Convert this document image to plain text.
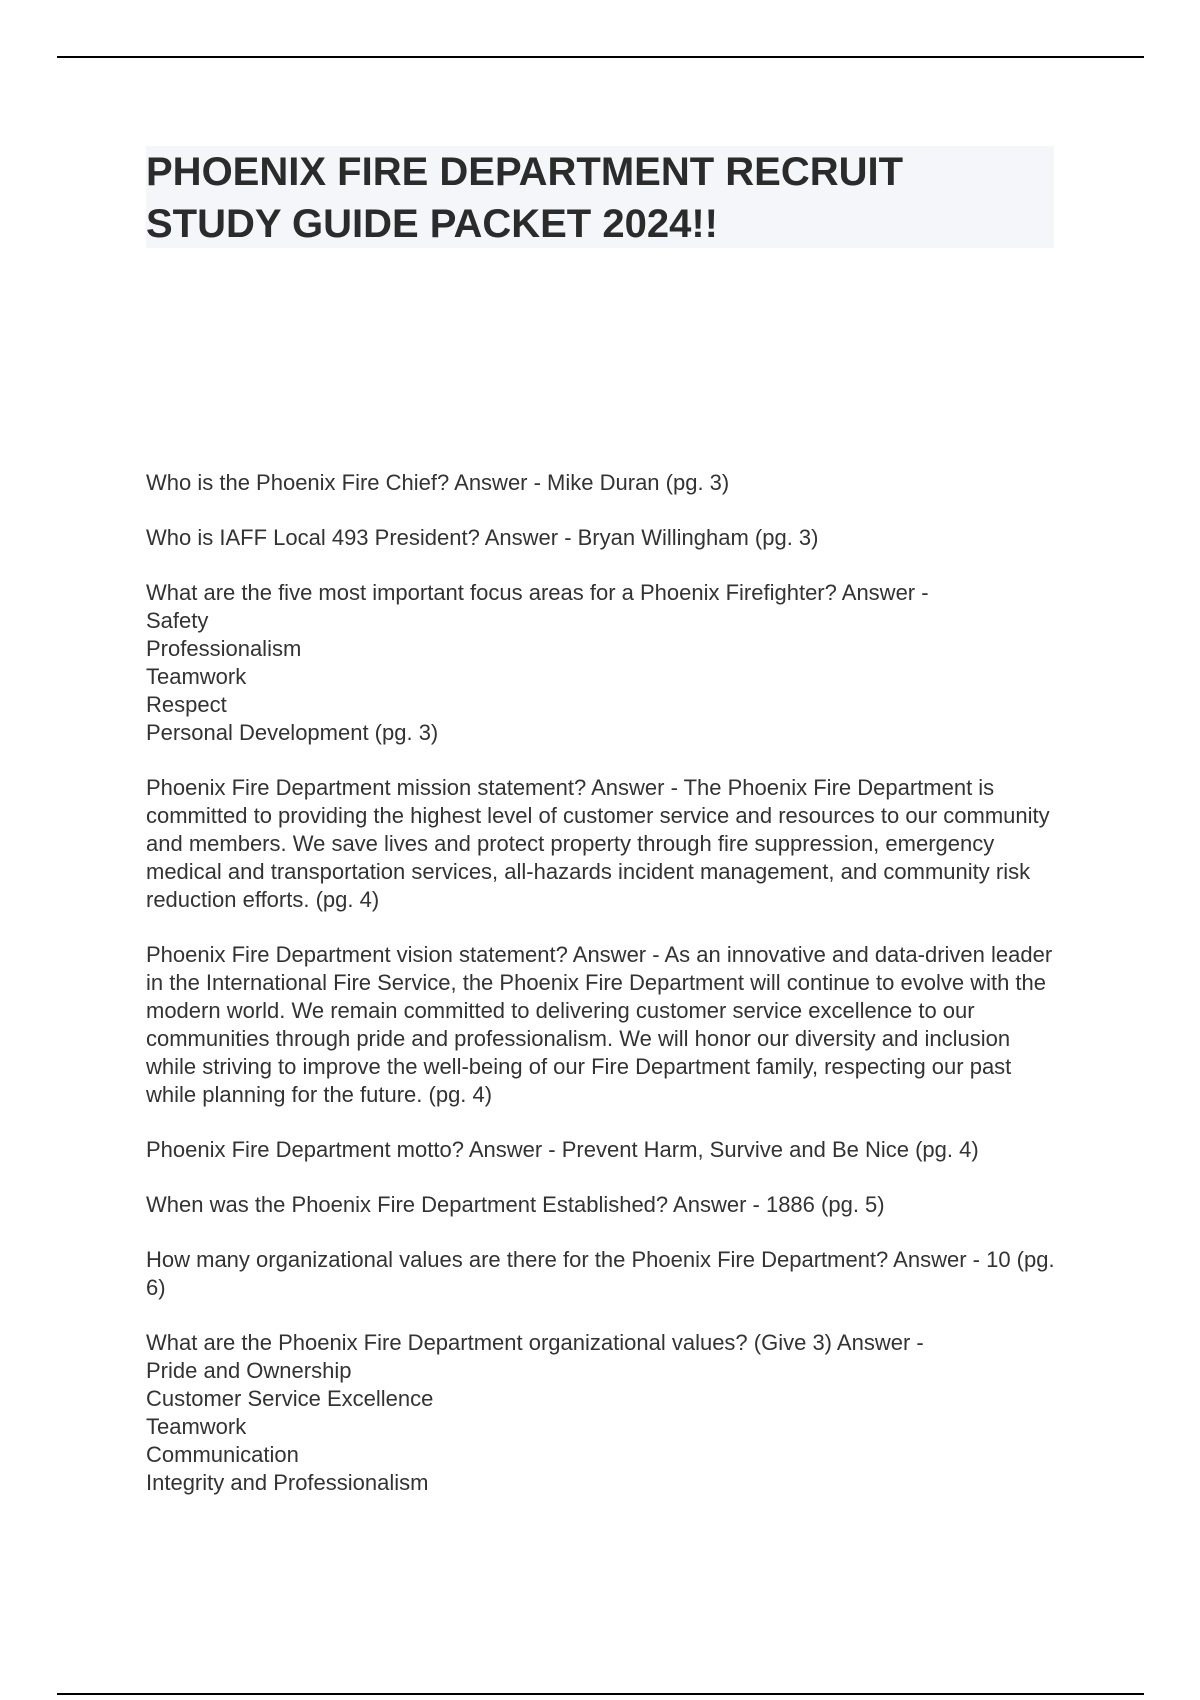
PHOENIX FIRE DEPARTMENT RECRUIT
STUDY GUIDE PACKET 2024!!

Who is the Phoenix Fire Chief? Answer - Mike Duran (pg. 3)

Who is IAFF Local 493 President? Answer - Bryan Willingham (pg. 3)

What are the five most important focus areas for a Phoenix Firefighter? Answer -

Safety
Professionalism
Teamwork
Respect
Personal Development (pg. 3)

Phoenix Fire Department mission statement? Answer - The Phoenix Fire Department is committed to providing the highest level of customer service and resources to our community and members. We save lives and protect property through fire suppression, emergency medical and transportation services, all-hazards incident management, and community risk reduction efforts. (pg. 4)

Phoenix Fire Department vision statement? Answer - As an innovative and data-driven leader in the International Fire Service, the Phoenix Fire Department will continue to evolve with the modern world. We remain committed to delivering customer service excellence to our communities through pride and professionalism. We will honor our diversity and inclusion while striving to improve the well-being of our Fire Department family, respecting our past while planning for the future. (pg. 4)

Phoenix Fire Department motto? Answer - Prevent Harm, Survive and Be Nice (pg. 4)

When was the Phoenix Fire Department Established? Answer - 1886 (pg. 5)

How many organizational values are there for the Phoenix Fire Department? Answer - 10 (pg. 6)

What are the Phoenix Fire Department organizational values? (Give 3) Answer -

Pride and Ownership
Customer Service Excellence
Teamwork
Communication
Integrity and Professionalism
